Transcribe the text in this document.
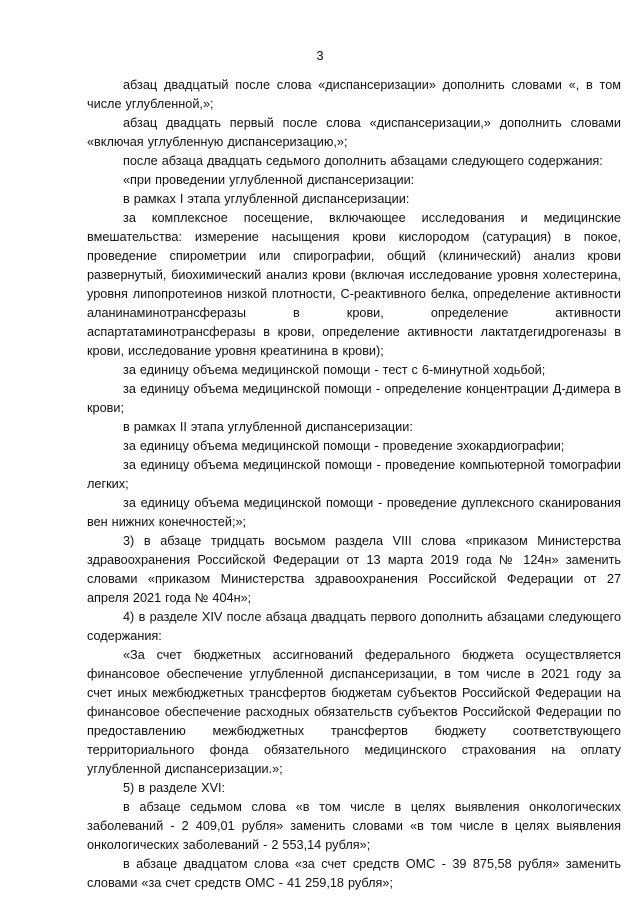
3

абзац двадцатый после слова «диспансеризации» дополнить словами «, в том числе углубленной,»;

абзац двадцать первый после слова «диспансеризации,» дополнить словами «включая углубленную диспансеризацию,»;

после абзаца двадцать седьмого дополнить абзацами следующего содержания:

«при проведении углубленной диспансеризации:

в рамках I этапа углубленной диспансеризации:

за комплексное посещение, включающее исследования и медицинские вмешательства: измерение насыщения крови кислородом (сатурация) в покое, проведение спирометрии или спирографии, общий (клинический) анализ крови развернутый, биохимический анализ крови (включая исследование уровня холестерина, уровня липопротеинов низкой плотности, С-реактивного белка, определение активности аланинаминотрансферазы в крови, определение активности аспартатаминотрансферазы в крови, определение активности лактатдегидрогеназы в крови, исследование уровня креатинина в крови);

за единицу объема медицинской помощи - тест с 6-минутной ходьбой;

за единицу объема медицинской помощи - определение концентрации Д-димера в крови;

в рамках II этапа углубленной диспансеризации:

за единицу объема медицинской помощи - проведение эхокардиографии;

за единицу объема медицинской помощи - проведение компьютерной томографии легких;

за единицу объема медицинской помощи - проведение дуплексного сканирования вен нижних конечностей;»;

3) в абзаце тридцать восьмом раздела VIII слова «приказом Министерства здравоохранения Российской Федерации от 13 марта 2019 года № 124н» заменить словами «приказом Министерства здравоохранения Российской Федерации от 27 апреля 2021 года № 404н»;

4) в разделе XIV после абзаца двадцать первого дополнить абзацами следующего содержания:

«За счет бюджетных ассигнований федерального бюджета осуществляется финансовое обеспечение углубленной диспансеризации, в том числе в 2021 году за счет иных межбюджетных трансфертов бюджетам субъектов Российской Федерации на финансовое обеспечение расходных обязательств субъектов Российской Федерации по предоставлению межбюджетных трансфертов бюджету соответствующего территориального фонда обязательного медицинского страхования на оплату углубленной диспансеризации.»;

5) в разделе XVI:

в абзаце седьмом слова «в том числе в целях выявления онкологических заболеваний - 2 409,01 рубля» заменить словами «в том числе в целях выявления онкологических заболеваний - 2 553,14 рубля»;

в абзаце двадцатом слова «за счет средств ОМС - 39 875,58 рубля» заменить словами «за счет средств ОМС - 41 259,18 рубля»;
